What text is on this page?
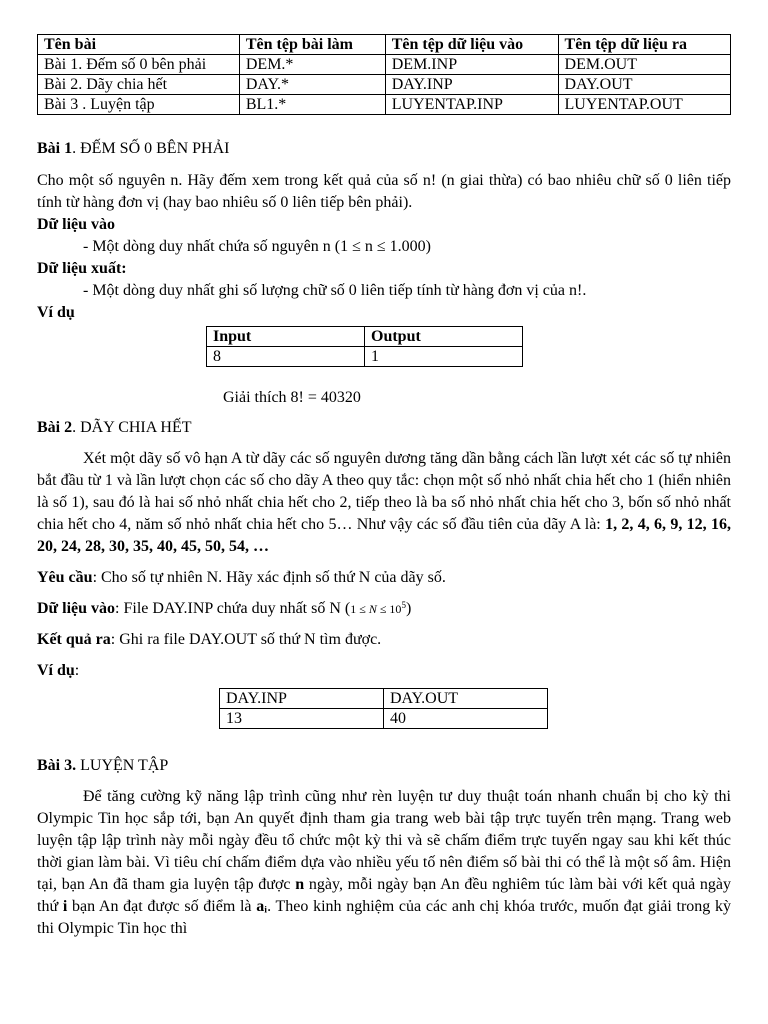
Tên bài	Tên tệp bài làm	Tên tệp dữ liệu vào	Tên tệp dữ liệu ra
Bài 1. Đếm số 0 bên phải	DEM.*	DEM.INP	DEM.OUT
Bài 2. Dãy chia hết	DAY.*	DAY.INP	DAY.OUT
Bài 3 . Luyện tập	BL1.*	LUYENTAP.INP	LUYENTAP.OUT

Bài 1. ĐẾM SỐ 0 BÊN PHẢI

Cho một số nguyên n. Hãy đếm xem trong kết quả của số n! (n giai thừa) có bao nhiêu chữ số 0 liên tiếp tính từ hàng đơn vị (hay bao nhiêu số 0 liên tiếp bên phải).

Dữ liệu vào

- Một dòng duy nhất chứa số nguyên n (1 ≤ n ≤ 1.000)

Dữ liệu xuất:

- Một dòng duy nhất ghi số lượng chữ số 0 liên tiếp tính từ hàng đơn vị của n!.

Ví dụ

Input	Output
8	1

Giải thích 8! = 40320

Bài 2. DÃY CHIA HẾT

Xét một dãy số vô hạn A từ dãy các số nguyên dương tăng dần bằng cách lần lượt xét các số tự nhiên bắt đầu từ 1 và lần lượt chọn các số cho dãy A theo quy tắc: chọn một số nhỏ nhất chia hết cho 1 (hiển nhiên là số 1), sau đó là hai số nhỏ nhất chia hết cho 2, tiếp theo là ba số nhỏ nhất chia hết cho 3, bốn số nhỏ nhất chia hết cho 4, năm số nhỏ nhất chia hết cho 5… Như vậy các số đầu tiên của dãy A là: 1, 2, 4, 6, 9, 12, 16, 20, 24, 28, 30, 35, 40, 45, 50, 54, …

Yêu cầu: Cho số tự nhiên N. Hãy xác định số thứ N của dãy số.

Dữ liệu vào: File DAY.INP chứa duy nhất số N $(1 \le N \le 10^5)$

Kết quả ra: Ghi ra file DAY.OUT số thứ N tìm được.

Ví dụ:

DAY.INP	DAY.OUT
13	40

Bài 3. LUYỆN TẬP

Để tăng cường kỹ năng lập trình cũng như rèn luyện tư duy thuật toán nhanh chuẩn bị cho kỳ thi Olympic Tin học sắp tới, bạn An quyết định tham gia trang web bài tập trực tuyến trên mạng. Trang web luyện tập lập trình này mỗi ngày đều tổ chức một kỳ thi và sẽ chấm điểm trực tuyến ngay sau khi kết thúc thời gian làm bài. Vì tiêu chí chấm điểm dựa vào nhiều yếu tố nên điểm số bài thi có thể là một số âm. Hiện tại, bạn An đã tham gia luyện tập được n ngày, mỗi ngày bạn An đều nghiêm túc làm bài với kết quả ngày thứ i bạn An đạt được số điểm là aᵢ. Theo kinh nghiệm của các anh chị khóa trước, muốn đạt giải trong kỳ thi Olympic Tin học thì
